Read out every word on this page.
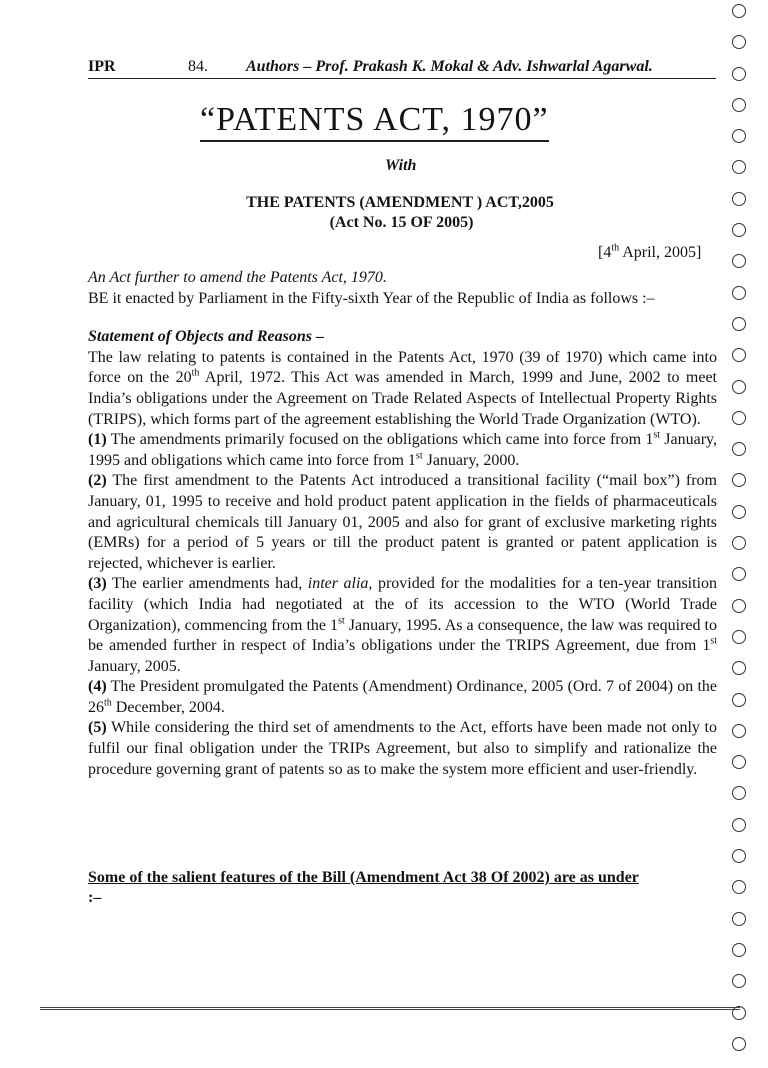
IPR	84. Authors – Prof. Prakash K. Mokal & Adv. Ishwarlal Agarwal.
“PATENTS ACT, 1970”
With
THE PATENTS (AMENDMENT ) ACT,2005
(Act No. 15 OF 2005)
[4th April, 2005]

An Act further to amend the Patents Act, 1970.

BE it enacted by Parliament in the Fifty-sixth Year of the Republic of India as follows :–

Statement of Objects and Reasons –

The law relating to patents is contained in the Patents Act, 1970 (39 of 1970) which came into force on the 20th April, 1972. This Act was amended in March, 1999 and June, 2002 to meet India’s obligations under the Agreement on Trade Related Aspects of Intellectual Property Rights (TRIPS), which forms part of the agreement establishing the World Trade Organization (WTO).

(1) The amendments primarily focused on the obligations which came into force from 1st January, 1995 and obligations which came into force from 1st January, 2000.

(2) The first amendment to the Patents Act introduced a transitional facility (“mail box”) from January, 01, 1995 to receive and hold product patent application in the fields of pharmaceuticals and agricultural chemicals till January 01, 2005 and also for grant of exclusive marketing rights (EMRs) for a period of 5 years or till the product patent is granted or patent application is rejected, whichever is earlier.

(3) The earlier amendments had, inter alia, provided for the modalities for a ten-year transition facility (which India had negotiated at the of its accession to the WTO (World Trade Organization), commencing from the 1st January, 1995. As a consequence, the law was required to be amended further in respect of India’s obligations under the TRIPS Agreement, due from 1st January, 2005.

(4) The President promulgated the Patents (Amendment) Ordinance, 2005 (Ord. 7 of 2004) on the 26th December, 2004.

(5) While considering the third set of amendments to the Act, efforts have been made not only to fulfil our final obligation under the TRIPs Agreement, but also to simplify and rationalize the procedure governing grant of patents so as to make the system more efficient and user-friendly.

Some of the salient features of the Bill (Amendment Act 38 Of 2002) are as under
:–
